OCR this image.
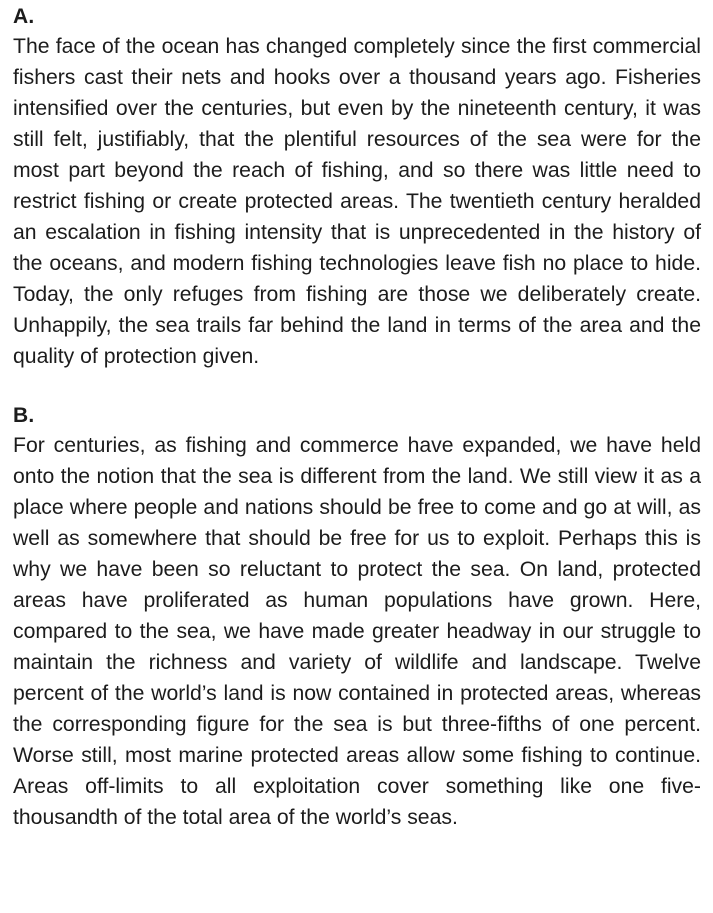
A.

The face of the ocean has changed completely since the first commercial fishers cast their nets and hooks over a thousand years ago. Fisheries intensified over the centuries, but even by the nineteenth century, it was still felt, justifiably, that the plentiful resources of the sea were for the most part beyond the reach of fishing, and so there was little need to restrict fishing or create protected areas. The twentieth century heralded an escalation in fishing intensity that is unprecedented in the history of the oceans, and modern fishing technologies leave fish no place to hide. Today, the only refuges from fishing are those we deliberately create. Unhappily, the sea trails far behind the land in terms of the area and the quality of protection given.

B.

For centuries, as fishing and commerce have expanded, we have held onto the notion that the sea is different from the land. We still view it as a place where people and nations should be free to come and go at will, as well as somewhere that should be free for us to exploit. Perhaps this is why we have been so reluctant to protect the sea. On land, protected areas have proliferated as human populations have grown. Here, compared to the sea, we have made greater headway in our struggle to maintain the richness and variety of wildlife and landscape. Twelve percent of the world’s land is now contained in protected areas, whereas the corresponding figure for the sea is but three-fifths of one percent. Worse still, most marine protected areas allow some fishing to continue. Areas off-limits to all exploitation cover something like one five-thousandth of the total area of the world’s seas.
